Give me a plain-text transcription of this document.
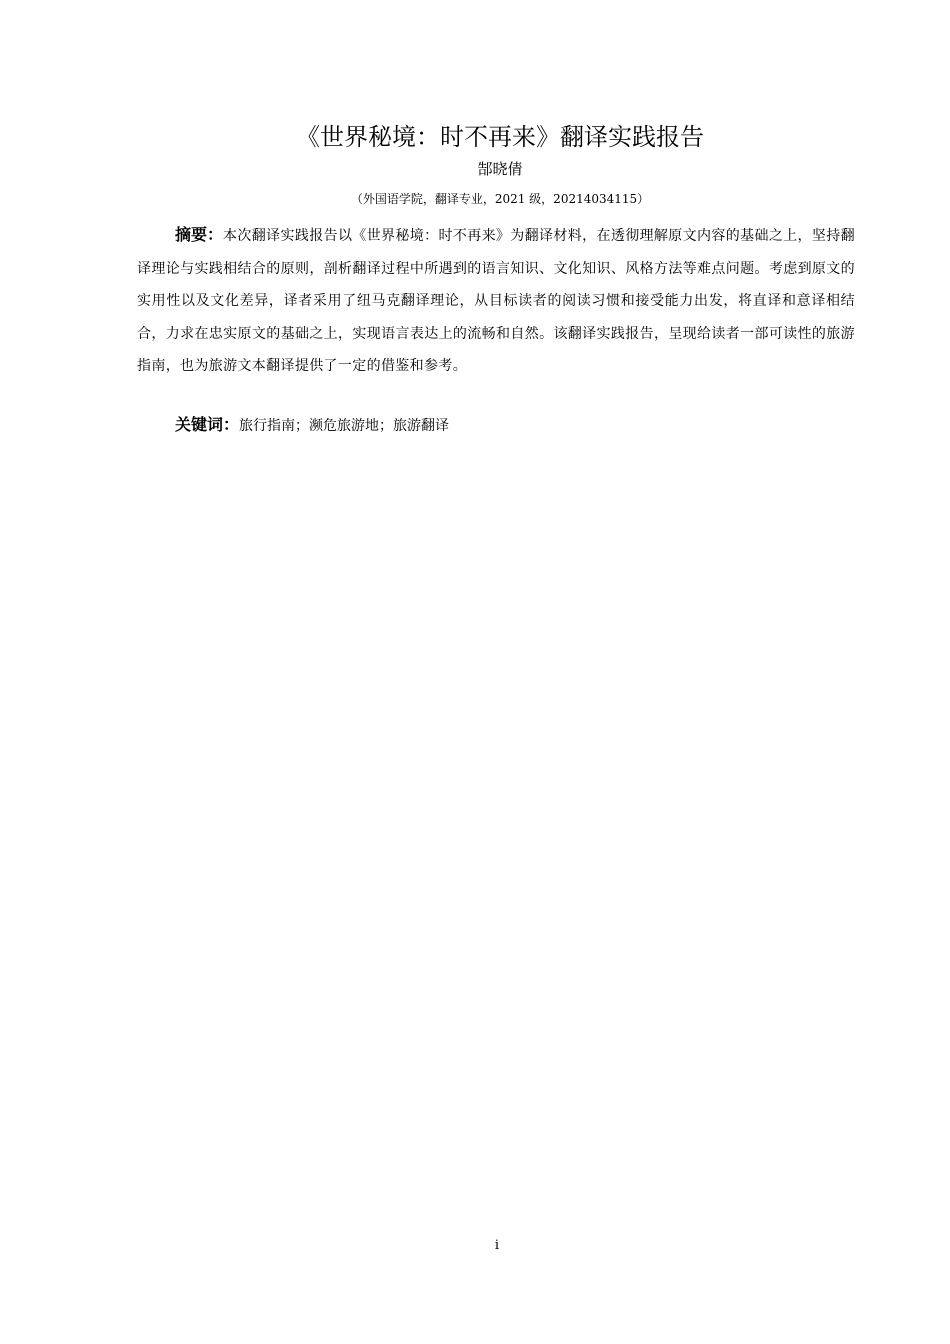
《世界秘境：时不再来》翻译实践报告
郜晓倩
（外国语学院，翻译专业，2021 级，20214034115）

摘要：本次翻译实践报告以《世界秘境：时不再来》为翻译材料，在透彻理解原文内容的基础之上，坚持翻译理论与实践相结合的原则，剖析翻译过程中所遇到的语言知识、文化知识、风格方法等难点问题。考虑到原文的实用性以及文化差异，译者采用了纽马克翻译理论，从目标读者的阅读习惯和接受能力出发，将直译和意译相结合，力求在忠实原文的基础之上，实现语言表达上的流畅和自然。该翻译实践报告，呈现给读者一部可读性的旅游指南，也为旅游文本翻译提供了一定的借鉴和参考。

关键词：旅行指南；濒危旅游地；旅游翻译

i
